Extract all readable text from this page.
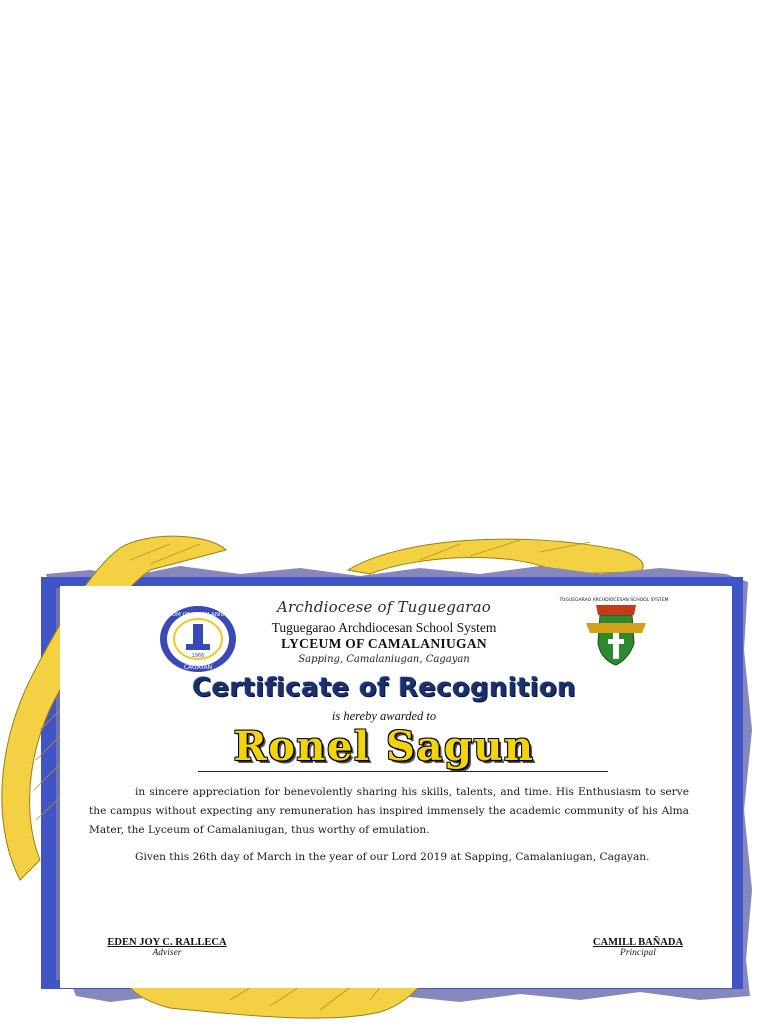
LYCEUM OF CAMALANIUGAN
1966
CAGAYAN
TUGUEGARAO ARCHDIOCESAN SCHOOL SYSTEM
Archdiocese of Tuguegarao
Tuguegarao Archdiocesan School System
LYCEUM OF CAMALANIUGAN
Sapping, Camalaniugan, Cagayan
Certificate of Recognition
is hereby awarded to
Ronel Sagun
in sincere appreciation for benevolently sharing his skills, talents, and time. His Enthusiasm to serve the campus without expecting any remuneration has inspired immensely the academic community of his Alma Mater, the Lyceum of Camalaniugan, thus worthy of emulation.
Given this 26th day of March in the year of our Lord 2019 at Sapping, Camalaniugan, Cagayan.
EDEN JOY C. RALLECA
Adviser
CAMILL BAÑADA
Principal
